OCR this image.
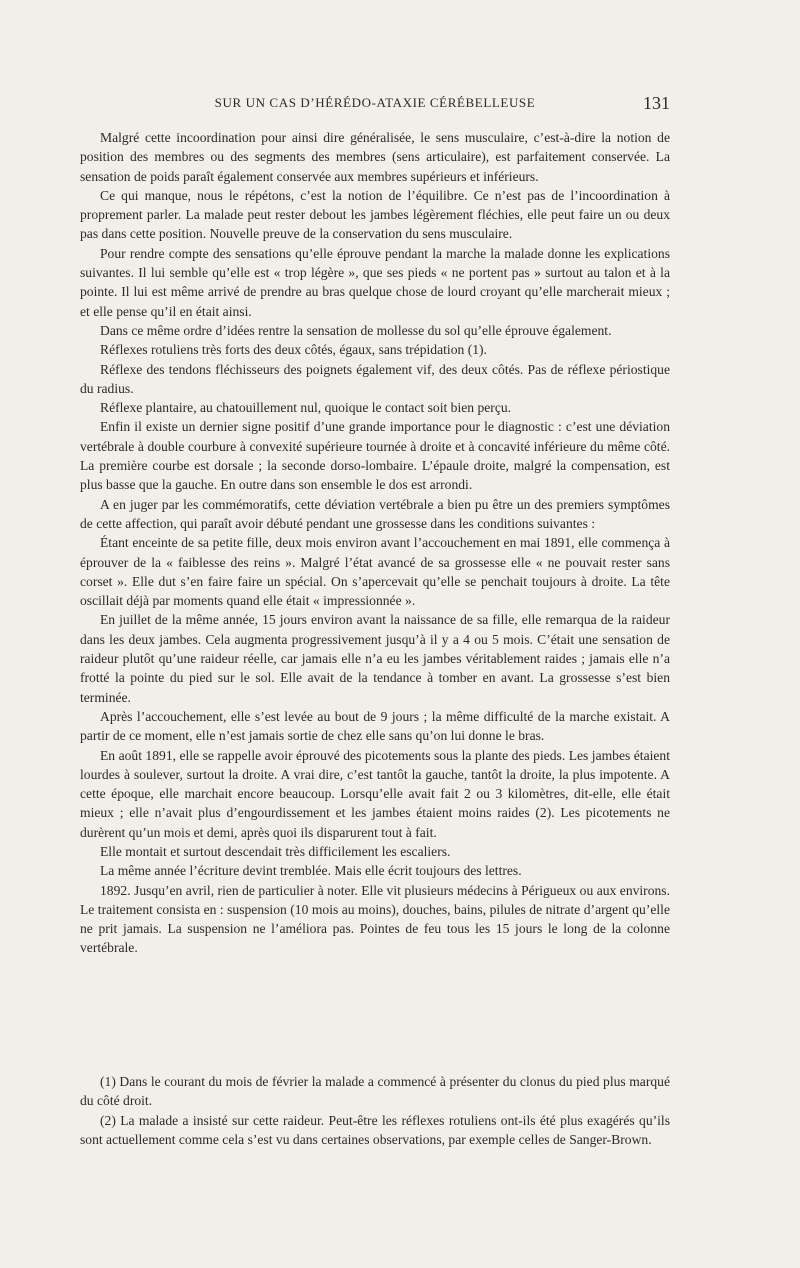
SUR UN CAS D’HÉRÉDO-ATAXIE CÉRÉBELLEUSE	131

Malgré cette incoordination pour ainsi dire généralisée, le sens musculaire, c’est-à-dire la notion de position des membres ou des segments des membres (sens articulaire), est parfaitement conservée. La sensation de poids paraît également conservée aux membres supérieurs et inférieurs.

Ce qui manque, nous le répétons, c’est la notion de l’équilibre. Ce n’est pas de l’incoordination à proprement parler. La malade peut rester debout les jambes légèrement fléchies, elle peut faire un ou deux pas dans cette position. Nouvelle preuve de la conservation du sens musculaire.

Pour rendre compte des sensations qu’elle éprouve pendant la marche la malade donne les explications suivantes. Il lui semble qu’elle est « trop légère », que ses pieds « ne portent pas » surtout au talon et à la pointe. Il lui est même arrivé de prendre au bras quelque chose de lourd croyant qu’elle marcherait mieux ; et elle pense qu’il en était ainsi.

Dans ce même ordre d’idées rentre la sensation de mollesse du sol qu’elle éprouve également.

Réflexes rotuliens très forts des deux côtés, égaux, sans trépidation (1).

Réflexe des tendons fléchisseurs des poignets également vif, des deux côtés. Pas de réflexe périostique du radius.

Réflexe plantaire, au chatouillement nul, quoique le contact soit bien perçu.

Enfin il existe un dernier signe positif d’une grande importance pour le diagnostic : c’est une déviation vertébrale à double courbure à convexité supérieure tournée à droite et à concavité inférieure du même côté. La première courbe est dorsale ; la seconde dorso-lombaire. L’épaule droite, malgré la compensation, est plus basse que la gauche. En outre dans son ensemble le dos est arrondi.

A en juger par les commémoratifs, cette déviation vertébrale a bien pu être un des premiers symptômes de cette affection, qui paraît avoir débuté pendant une grossesse dans les conditions suivantes :

Étant enceinte de sa petite fille, deux mois environ avant l’accouchement en mai 1891, elle commença à éprouver de la « faiblesse des reins ». Malgré l’état avancé de sa grossesse elle « ne pouvait rester sans corset ». Elle dut s’en faire faire un spécial. On s’apercevait qu’elle se penchait toujours à droite. La tête oscillait déjà par moments quand elle était « impressionnée ».

En juillet de la même année, 15 jours environ avant la naissance de sa fille, elle remarqua de la raideur dans les deux jambes. Cela augmenta progressivement jusqu’à il y a 4 ou 5 mois. C’était une sensation de raideur plutôt qu’une raideur réelle, car jamais elle n’a eu les jambes véritablement raides ; jamais elle n’a frotté la pointe du pied sur le sol. Elle avait de la tendance à tomber en avant. La grossesse s’est bien terminée.

Après l’accouchement, elle s’est levée au bout de 9 jours ; la même difficulté de la marche existait. A partir de ce moment, elle n’est jamais sortie de chez elle sans qu’on lui donne le bras.

En août 1891, elle se rappelle avoir éprouvé des picotements sous la plante des pieds. Les jambes étaient lourdes à soulever, surtout la droite. A vrai dire, c’est tantôt la gauche, tantôt la droite, la plus impotente. A cette époque, elle marchait encore beaucoup. Lorsqu’elle avait fait 2 ou 3 kilomètres, dit-elle, elle était mieux ; elle n’avait plus d’engourdissement et les jambes étaient moins raides (2). Les picotements ne durèrent qu’un mois et demi, après quoi ils disparurent tout à fait.

Elle montait et surtout descendait très difficilement les escaliers.

La même année l’écriture devint tremblée. Mais elle écrit toujours des lettres.

1892. Jusqu’en avril, rien de particulier à noter. Elle vit plusieurs médecins à Périgueux ou aux environs. Le traitement consista en : suspension (10 mois au moins), douches, bains, pilules de nitrate d’argent qu’elle ne prit jamais. La suspension ne l’améliora pas. Pointes de feu tous les 15 jours le long de la colonne vertébrale.

(1) Dans le courant du mois de février la malade a commencé à présenter du clonus du pied plus marqué du côté droit.

(2) La malade a insisté sur cette raideur. Peut-être les réflexes rotuliens ont-ils été plus exagérés qu’ils sont actuellement comme cela s’est vu dans certaines observations, par exemple celles de Sanger-Brown.
